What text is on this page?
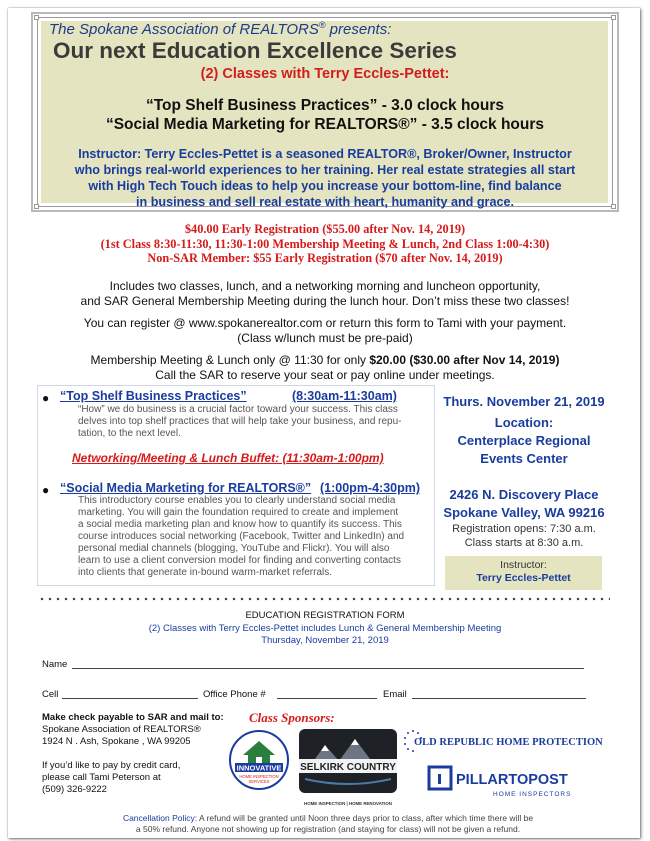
The Spokane Association of REALTORS® presents:
Our next Education Excellence Series
(2) Classes with Terry Eccles-Pettet:
“Top Shelf Business Practices” - 3.0 clock hours
“Social Media Marketing for REALTORS®” - 3.5 clock hours
Instructor: Terry Eccles-Pettet is a seasoned REALTOR®, Broker/Owner, Instructor
who brings real-world experiences to her training. Her real estate strategies all start
with High Tech Touch ideas to help you increase your bottom-line, find balance
in business and sell real estate with heart, humanity and grace.
$40.00 Early Registration ($55.00 after Nov. 14, 2019)
(1st Class 8:30-11:30, 11:30-1:00 Membership Meeting & Lunch, 2nd Class 1:00-4:30)
Non-SAR Member: $55 Early Registration ($70 after Nov. 14, 2019)
Includes two classes, lunch, and a networking morning and luncheon opportunity,
and SAR General Membership Meeting during the lunch hour. Don’t miss these two classes!
You can register @ www.spokanerealtor.com or return this form to Tami with your payment.
(Class w/lunch must be pre-paid)
Membership Meeting & Lunch only @ 11:30 for only $20.00 ($30.00 after Nov 14, 2019)
Call the SAR to reserve your seat or pay online under meetings.
● “Top Shelf Business Practices”	(8:30am-11:30am)
“How” we do business is a crucial factor toward your success. This class
delves into top shelf practices that will help take your business, and repu-
tation, to the next level.
Networking/Meeting & Lunch Buffet: (11:30am-1:00pm)
● “Social Media Marketing for REALTORS®” (1:00pm-4:30pm)
This introductory course enables you to clearly understand social media
marketing. You will gain the foundation required to create and implement
a social media marketing plan and know how to quantify its success. This
course introduces social networking (Facebook, Twitter and LinkedIn) and
personal medial channels (blogging, YouTube and Flickr). You will also
learn to use a client conversion model for finding and converting contacts
into clients that generate in-bound warm-market referrals.
Thurs. November 21, 2019
Location:
Centerplace Regional
Events Center
2426 N. Discovery Place
Spokane Valley, WA 99216
Registration opens: 7:30 a.m.
Class starts at 8:30 a.m.
Instructor:
Terry Eccles-Pettet
EDUCATION REGISTRATION FORM
(2) Classes with Terry Eccles-Pettet includes Lunch & General Membership Meeting
Thursday, November 21, 2019
Name
Cell	Office Phone #	Email
Make check payable to SAR and mail to:
Spokane Association of REALTORS®
1924 N . Ash, Spokane , WA 99205
If you’d like to pay by credit card,
please call Tami Peterson at
(509) 326-9222
Class Sponsors:
INNOVATIVE
HOME INSPECTION
SERVICES
SELKIRK COUNTRY
HOME INSPECTION | HOME RENOVATION
OLD REPUBLIC HOME PROTECTION
PILLARTOPOST
HOME INSPECTORS
Cancellation Policy: A refund will be granted until Noon three days prior to class, after which time there will be
a 50% refund. Anyone not showing up for registration (and staying for class) will not be given a refund.
